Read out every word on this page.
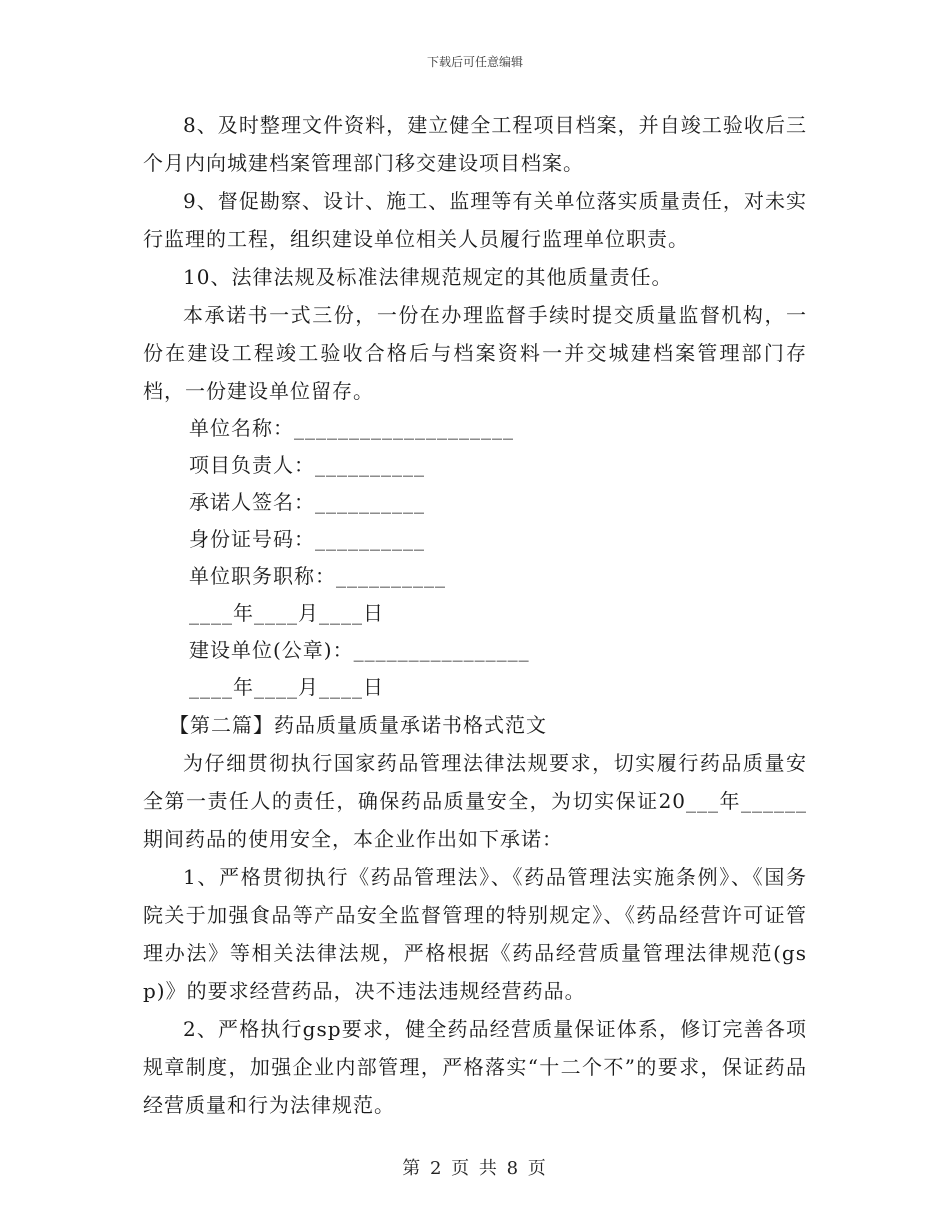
下载后可任意编辑

8、及时整理文件资料，建立健全工程项目档案，并自竣工验收后三个月内向城建档案管理部门移交建设项目档案。

9、督促勘察、设计、施工、监理等有关单位落实质量责任，对未实行监理的工程，组织建设单位相关人员履行监理单位职责。

10、法律法规及标准法律规范规定的其他质量责任。

本承诺书一式三份，一份在办理监督手续时提交质量监督机构，一份在建设工程竣工验收合格后与档案资料一并交城建档案管理部门存档，一份建设单位留存。

单位名称：____________________

项目负责人：__________

承诺人签名：__________

身份证号码：__________

单位职务职称：__________

____年____月____日

建设单位(公章)：________________

____年____月____日

【第二篇】药品质量质量承诺书格式范文

为仔细贯彻执行国家药品管理法律法规要求，切实履行药品质量安全第一责任人的责任，确保药品质量安全，为切实保证20___年______期间药品的使用安全，本企业作出如下承诺：

1、严格贯彻执行《药品管理法》、《药品管理法实施条例》、《国务院关于加强食品等产品安全监督管理的特别规定》、《药品经营许可证管理办法》等相关法律法规，严格根据《药品经营质量管理法律规范(gsp)》的要求经营药品，决不违法违规经营药品。

2、严格执行gsp要求，健全药品经营质量保证体系，修订完善各项规章制度，加强企业内部管理，严格落实“十二个不”的要求，保证药品经营质量和行为法律规范。

第 2 页 共 8 页
